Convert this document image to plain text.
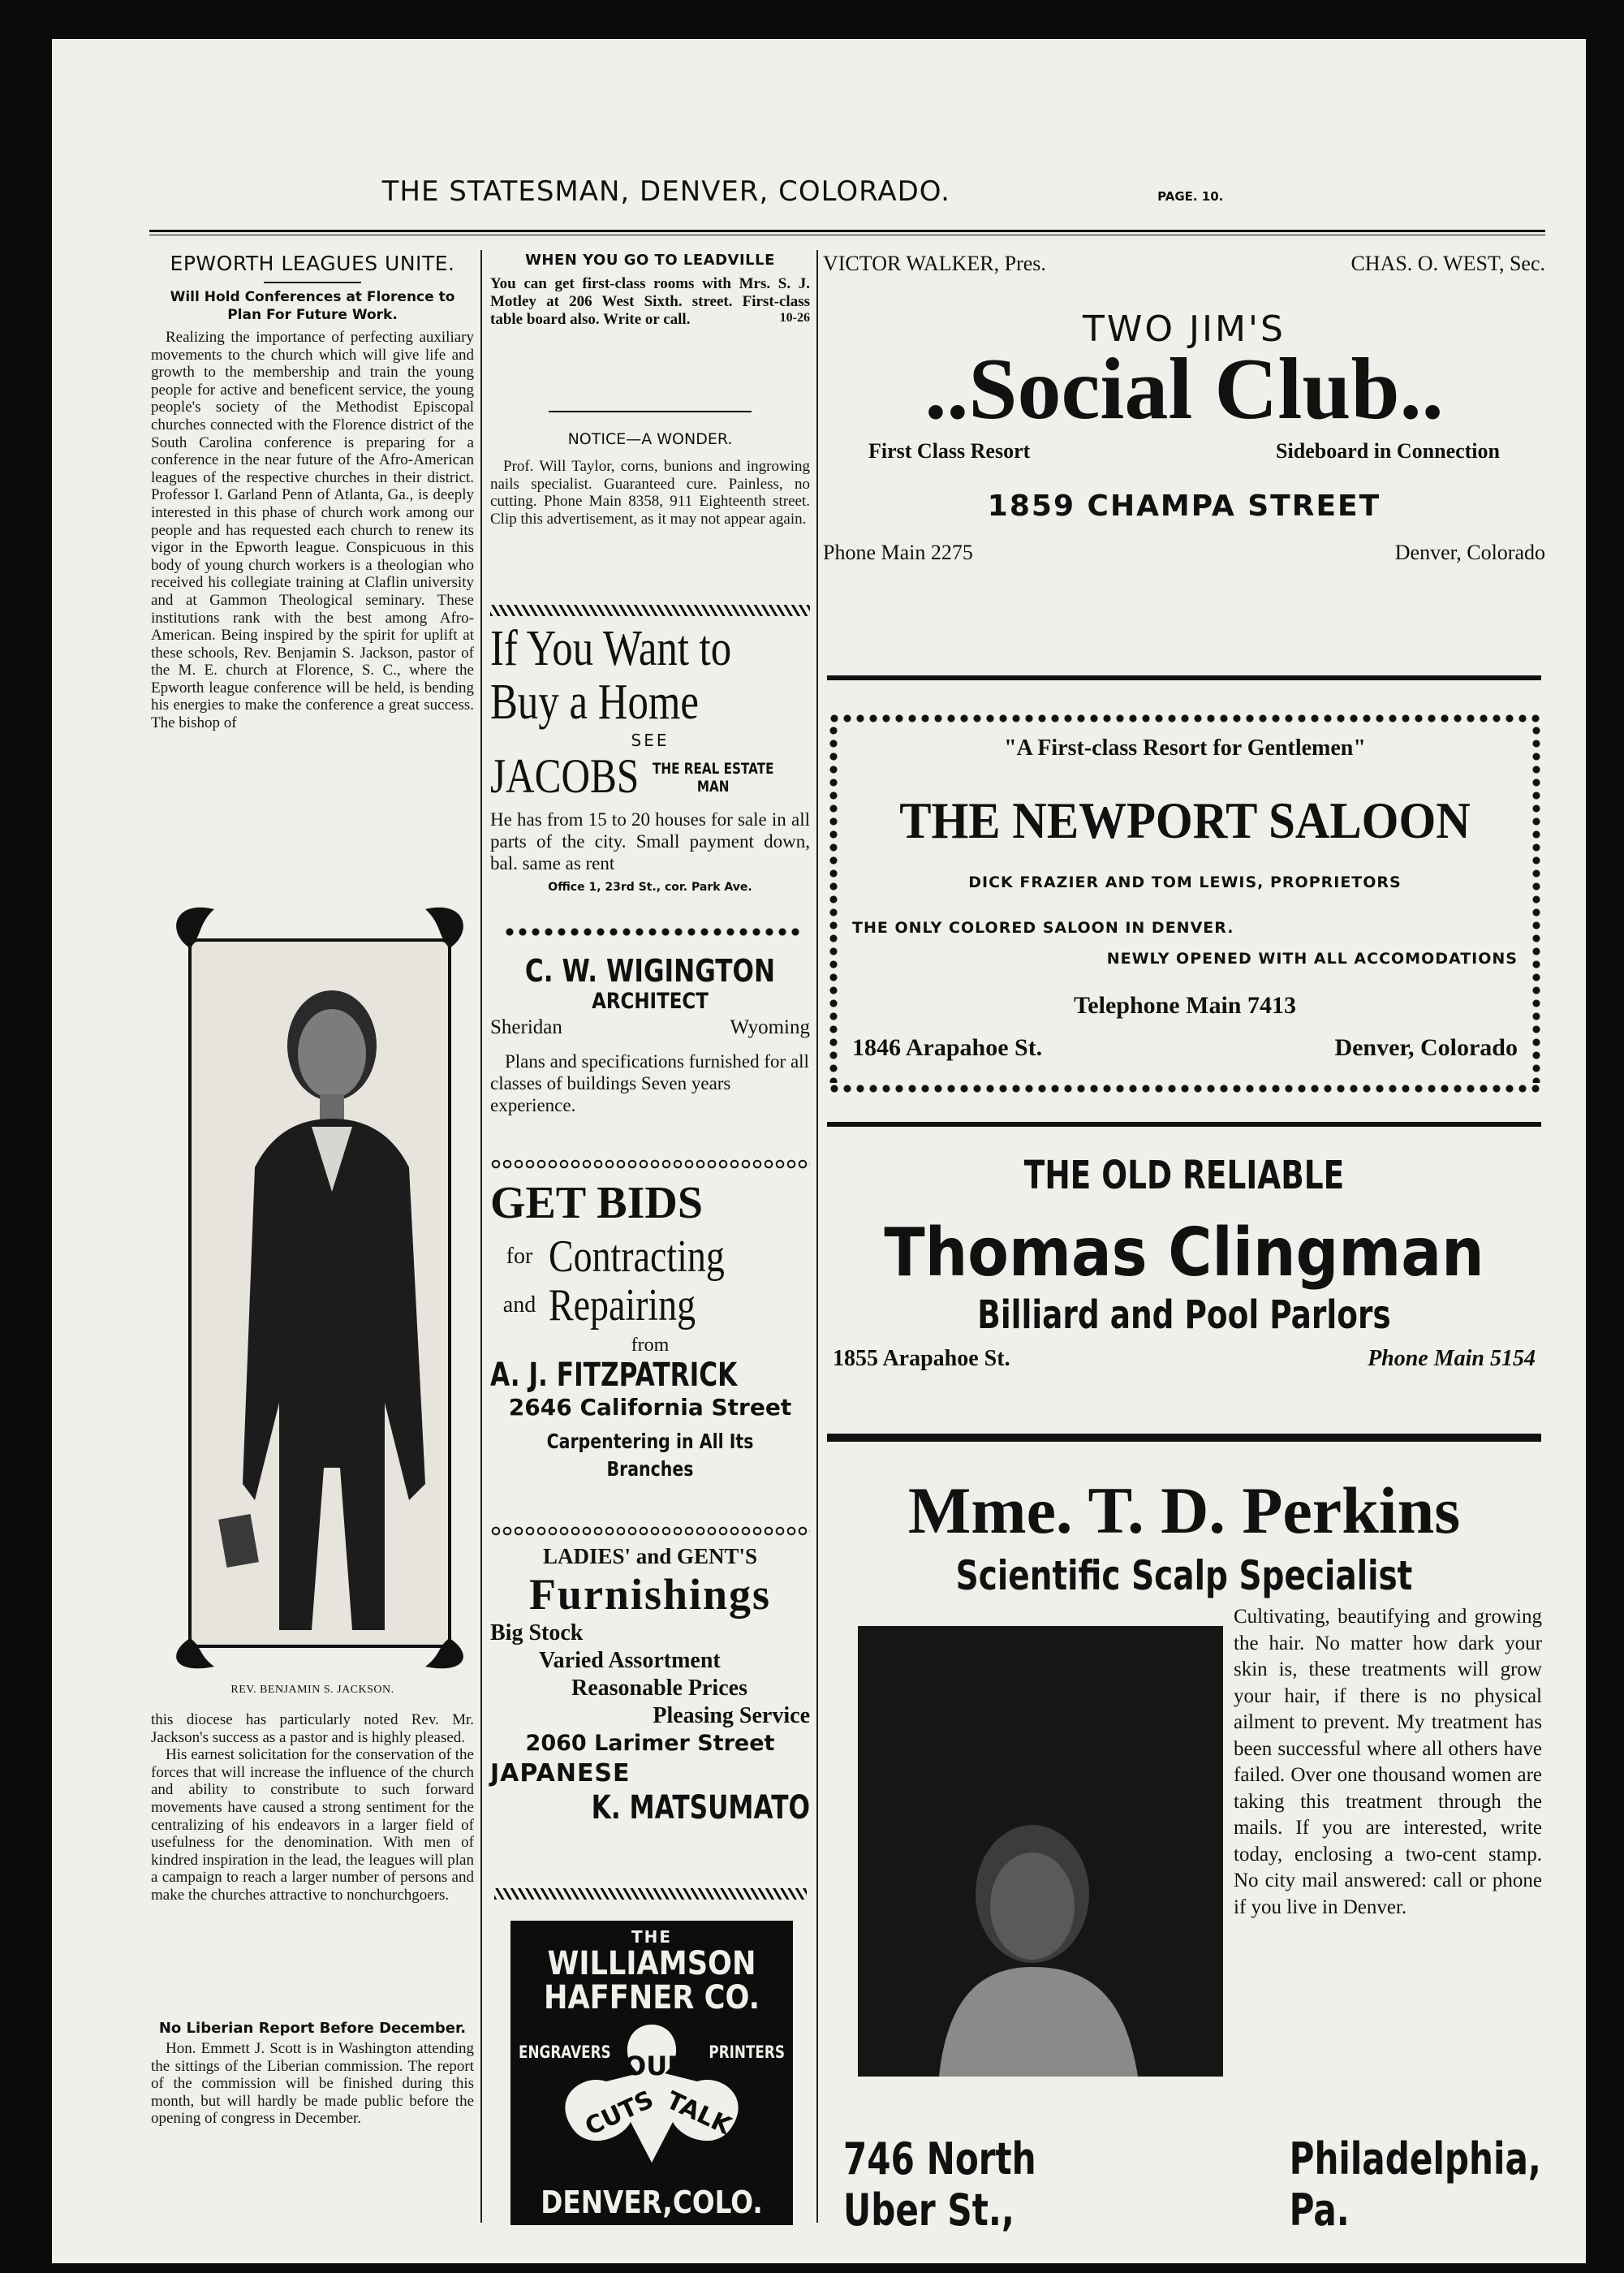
THE STATESMAN, DENVER, COLORADO.	PAGE. 10.
EPWORTH LEAGUES UNITE.
Will Hold Conferences at Florence to Plan For Future Work.
Realizing the importance of perfecting auxiliary movements to the church which will give life and growth to the membership and train the young people for active and beneficent service, the young people's society of the Methodist Episcopal churches connected with the Florence district of the South Carolina conference is preparing for a conference in the near future of the Afro-American leagues of the respective churches in their district. Professor I. Garland Penn of Atlanta, Ga., is deeply interested in this phase of church work among our people and has requested each church to renew its vigor in the Epworth league. Conspicuous in this body of young church workers is a theologian who received his collegiate training at Claflin university and at Gammon Theological seminary. These institutions rank with the best among Afro-American. Being inspired by the spirit for uplift at these schools, Rev. Benjamin S. Jackson, pastor of the M. E. church at Florence, S. C., where the Epworth league conference will be held, is bending his energies to make the conference a great success. The bishop of
REV. BENJAMIN S. JACKSON.
this diocese has particularly noted Rev. Mr. Jackson's success as a pastor and is highly pleased.
His earnest solicitation for the conservation of the forces that will increase the influence of the church and ability to constribute to such forward movements have caused a strong sentiment for the centralizing of his endeavors in a larger field of usefulness for the denomination. With men of kindred inspiration in the lead, the leagues will plan a campaign to reach a larger number of persons and make the churches attractive to nonchurchgoers.
No Liberian Report Before December.
Hon. Emmett J. Scott is in Washington attending the sittings of the Liberian commission. The report of the commission will be finished during this month, but will hardly be made public before the opening of congress in December.
WHEN YOU GO TO LEADVILLE
You can get first-class rooms with Mrs. S. J. Motley at 206 West Sixth. street. First-class table board also. Write or call.	10-26
NOTICE—A WONDER.
Prof. Will Taylor, corns, bunions and ingrowing nails specialist. Guaranteed cure. Painless, no cutting. Phone Main 8358, 911 Eighteenth street. Clip this advertisement, as it may not appear again.
If You Want to
Buy a Home
SEE
JACOBS THE REAL ESTATE
MAN
He has from 15 to 20 houses for sale in all parts of the city. Small payment down, bal. same as rent
Office 1, 23rd St., cor. Park Ave.
C. W. WIGINGTON
ARCHITECT
Sheridan	Wyoming
Plans and specifications furnished for all classes of buildings Seven years experience.
GET BIDS
for Contracting
and Repairing
from
A. J. FITZPATRICK
2646 California Street
Carpentering in All Its Branches
LADIES' and GENT'S
Furnishings
Big Stock
Varied Assortment
Reasonable Prices
Pleasing Service
2060 Larimer Street
JAPANESE
K. MATSUMATO
THE
WILLIAMSON
HAFFNER CO.
ENGRAVERS	PRINTERS
OUR
CUTS TALK
DENVER,COLO.
VICTOR WALKER, Pres.	CHAS. O. WEST, Sec.
TWO JIM'S
..Social Club..
First Class Resort	Sideboard in Connection
1859 CHAMPA STREET
Phone Main 2275	Denver, Colorado
"A First-class Resort for Gentlemen"
THE NEWPORT SALOON
DICK FRAZIER AND TOM LEWIS, PROPRIETORS
THE ONLY COLORED SALOON IN DENVER.
NEWLY OPENED WITH ALL ACCOMODATIONS
Telephone Main 7413
1846 Arapahoe St.	Denver, Colorado
THE OLD RELIABLE
Thomas Clingman
Billiard and Pool Parlors
1855 Arapahoe St.	Phone Main 5154
Mme. T. D. Perkins
Scientific Scalp Specialist
Cultivating, beautifying and growing the hair. No matter how dark your skin is, these treatments will grow your hair, if there is no physical ailment to prevent. My treatment has been successful where all others have failed. Over one thousand women are taking this treatment through the mails. If you are interested, write today, enclosing a two-cent stamp. No city mail answered: call or phone if you live in Denver.
746 North Uber St.,
Philadelphia, Pa.
